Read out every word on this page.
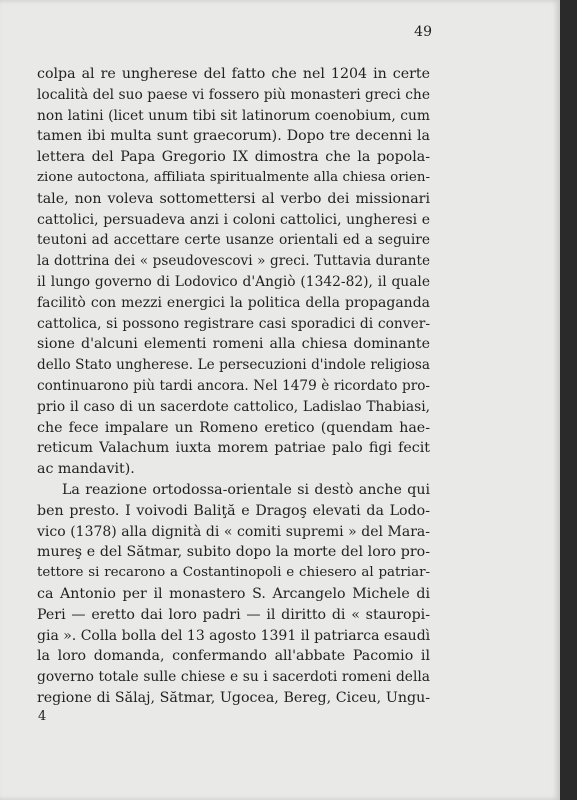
49
colpa al re ungherese del fatto che nel 1204 in certe
località del suo paese vi fossero più monasteri greci che
non latini (licet unum tibi sit latinorum coenobium, cum
tamen ibi multa sunt graecorum). Dopo tre decenni la
lettera del Papa Gregorio IX dimostra che la popola-
zione autoctona, affiliata spiritualmente alla chiesa orien-
tale, non voleva sottomettersi al verbo dei missionari
cattolici, persuadeva anzi i coloni cattolici, ungheresi e
teutoni ad accettare certe usanze orientali ed a seguire
la dottrina dei « pseudovescovi » greci. Tuttavia durante
il lungo governo di Lodovico d'Angiò (1342-82), il quale
facilitò con mezzi energici la politica della propaganda
cattolica, si possono registrare casi sporadici di conver-
sione d'alcuni elementi romeni alla chiesa dominante
dello Stato ungherese. Le persecuzioni d'indole religiosa
continuarono più tardi ancora. Nel 1479 è ricordato pro-
prio il caso di un sacerdote cattolico, Ladislao Thabiasi,
che fece impalare un Romeno eretico (quendam hae-
reticum Valachum iuxta morem patriae palo figi fecit
ac mandavit).
La reazione ortodossa-orientale si destò anche qui
ben presto. I voivodi Baliţă e Dragoş elevati da Lodo-
vico (1378) alla dignità di « comiti supremi » del Mara-
mureş e del Sătmar, subito dopo la morte del loro pro-
tettore si recarono a Costantinopoli e chiesero al patriar-
ca Antonio per il monastero S. Arcangelo Michele di
Peri — eretto dai loro padri — il diritto di « stauropi-
gia ». Colla bolla del 13 agosto 1391 il patriarca esaudì
la loro domanda, confermando all'abbate Pacomio il
governo totale sulle chiese e su i sacerdoti romeni della
regione di Sălaj, Sătmar, Ugocea, Bereg, Ciceu, Ungu-
4
